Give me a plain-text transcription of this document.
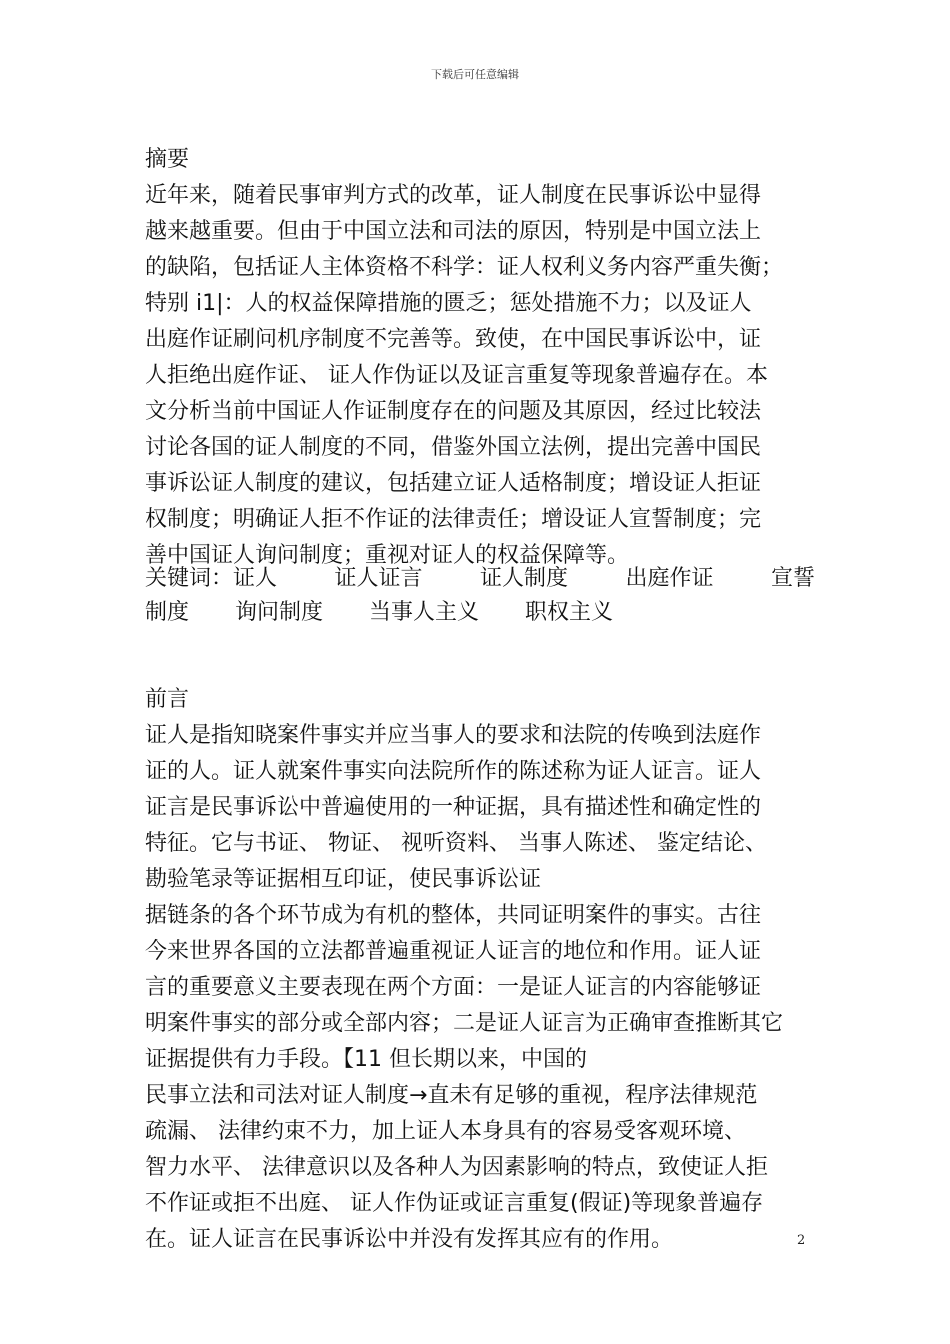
下载后可任意编辑
摘要
近年来，随着民事审判方式的改革，证人制度在民事诉讼中显得
越来越重要。但由于中国立法和司法的原因，特别是中国立法上
的缺陷，包括证人主体资格不科学：证人权利义务内容严重失衡；
特别 i1|：人的权益保障措施的匮乏；惩处措施不力；以及证人
出庭作证刷问机序制度不完善等。致使，在中国民事诉讼中，证
人拒绝出庭作证、 证人作伪证以及证言重复等现象普遍存在。本
文分析当前中国证人作证制度存在的问题及其原因，经过比较法
讨论各国的证人制度的不同，借鉴外国立法例，提出完善中国民
事诉讼证人制度的建议，包括建立证人适格制度；增设证人拒证
权制度；明确证人拒不作证的法律责任；增设证人宣誓制度；完
善中国证人询问制度；重视对证人的权益保障等。
关键词：证人	证人证言	证人制度	出庭作证	宣誓
制度 询问制度 当事人主义 职权主义
前言
证人是指知晓案件事实并应当事人的要求和法院的传唤到法庭作
证的人。证人就案件事实向法院所作的陈述称为证人证言。证人
证言是民事诉讼中普遍使用的一种证据，具有描述性和确定性的
特征。它与书证、 物证、 视听资料、 当事人陈述、 鉴定结论、
勘验笔录等证据相互印证，使民事诉讼证
据链条的各个环节成为有机的整体，共同证明案件的事实。古往
今来世界各国的立法都普遍重视证人证言的地位和作用。证人证
言的重要意义主要表现在两个方面：一是证人证言的内容能够证
明案件事实的部分或全部内容；二是证人证言为正确审查推断其它
证据提供有力手段。【11 但长期以来，中国的
民事立法和司法对证人制度→直未有足够的重视，程序法律规范
疏漏、 法律约束不力，加上证人本身具有的容易受客观环境、
智力水平、 法律意识以及各种人为因素影响的特点，致使证人拒
不作证或拒不出庭、 证人作伪证或证言重复(假证)等现象普遍存
在。证人证言在民事诉讼中并没有发挥其应有的作用。	2
